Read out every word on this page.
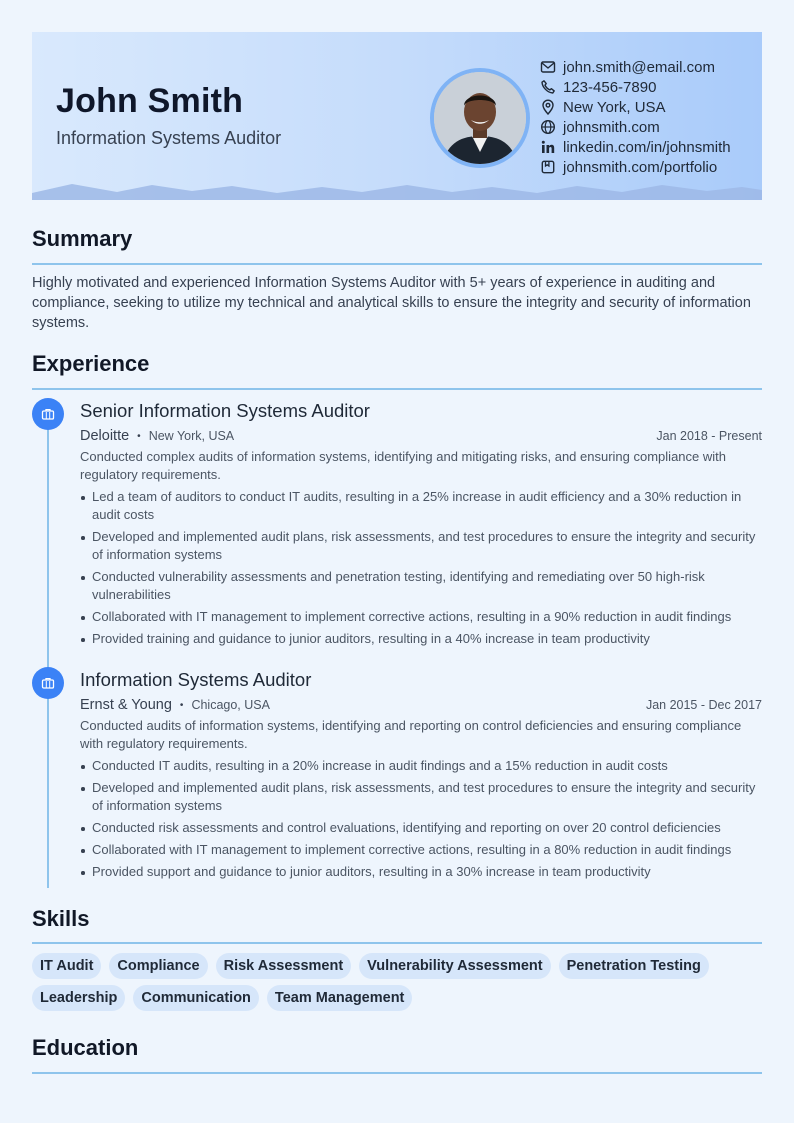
John Smith
Information Systems Auditor
john.smith@email.com
123-456-7890
New York, USA
johnsmith.com
linkedin.com/in/johnsmith
johnsmith.com/portfolio
Summary
Highly motivated and experienced Information Systems Auditor with 5+ years of experience in auditing and compliance, seeking to utilize my technical and analytical skills to ensure the integrity and security of information systems.
Experience
Senior Information Systems Auditor
Deloitte • New York, USA	Jan 2018 - Present
Conducted complex audits of information systems, identifying and mitigating risks, and ensuring compliance with regulatory requirements.
Led a team of auditors to conduct IT audits, resulting in a 25% increase in audit efficiency and a 30% reduction in audit costs
Developed and implemented audit plans, risk assessments, and test procedures to ensure the integrity and security of information systems
Conducted vulnerability assessments and penetration testing, identifying and remediating over 50 high-risk vulnerabilities
Collaborated with IT management to implement corrective actions, resulting in a 90% reduction in audit findings
Provided training and guidance to junior auditors, resulting in a 40% increase in team productivity
Information Systems Auditor
Ernst & Young • Chicago, USA	Jan 2015 - Dec 2017
Conducted audits of information systems, identifying and reporting on control deficiencies and ensuring compliance with regulatory requirements.
Conducted IT audits, resulting in a 20% increase in audit findings and a 15% reduction in audit costs
Developed and implemented audit plans, risk assessments, and test procedures to ensure the integrity and security of information systems
Conducted risk assessments and control evaluations, identifying and reporting on over 20 control deficiencies
Collaborated with IT management to implement corrective actions, resulting in a 80% reduction in audit findings
Provided support and guidance to junior auditors, resulting in a 30% increase in team productivity
Skills
IT Audit	Compliance	Risk Assessment	Vulnerability Assessment	Penetration Testing
Leadership	Communication	Team Management
Education
